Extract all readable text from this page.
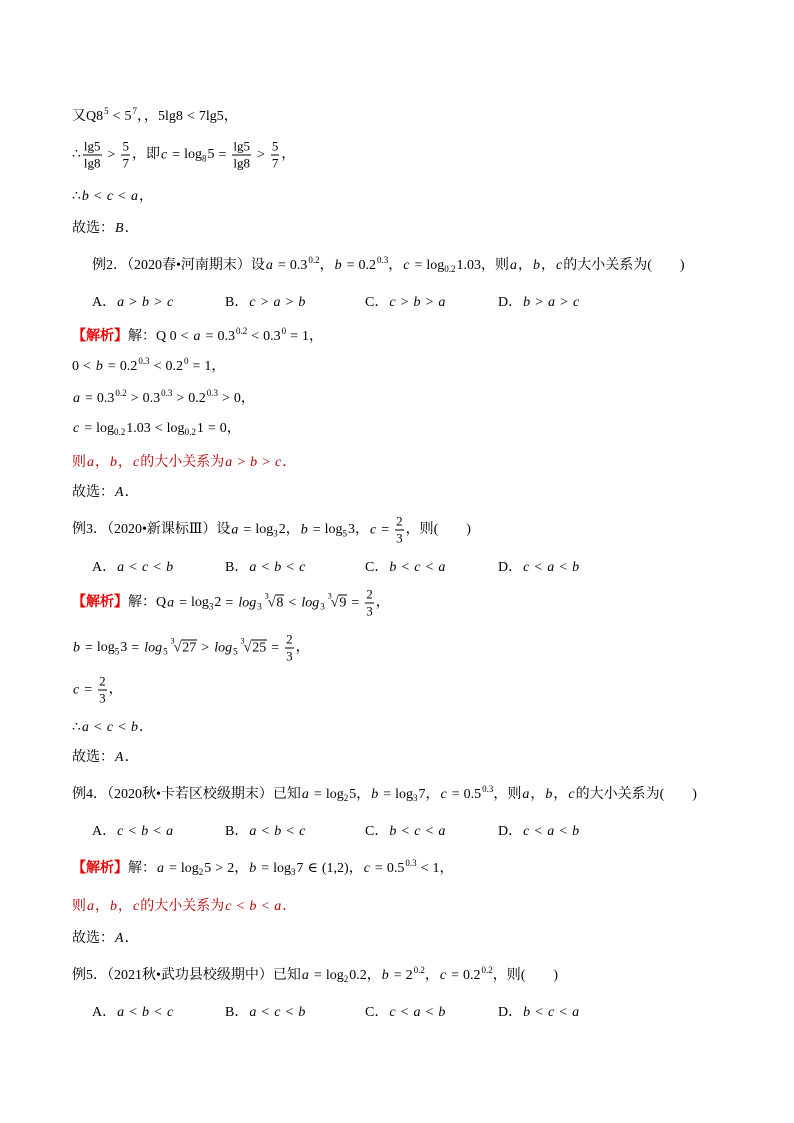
又$Q8^5 < 5^7$，，5lg8 < 7lg5，
∴ $\frac{\lg 5}{\lg 8} > \frac{5}{7}$ ，即$c = \log_85 = \frac{\lg 5}{\lg 8} > \frac{5}{7}$ ，
∴b < c < a，
故选：B．
例2．（2020春•河南期末）设$a = 0.3^{0.2}$，$b = 0.2^{0.3}$，$c = \log_{0.2}1.03$，则a，b，c的大小关系为(　　)
A．a > b > c	B．c > a > b	C．c > b > a	D．b > a > c
【解析】解：Q $0 < a = 0.3^{0.2} < 0.3^0 = 1$，
$0 < b = 0.2^{0.3} < 0.2^0 = 1$，
$a = 0.3^{0.2} > 0.3^{0.3} > 0.2^{0.3} > 0$，
$c = \log_{0.2}1.03 < \log_{0.2}1 = 0$，
则a，b，c的大小关系为a > b > c．
故选：A．
例3．（2020•新课标Ⅲ）设$a = \log_32$，$b = \log_53$，$c = \frac{2}{3}$ ，则(　　)
A．a < c < b	B．a < b < c	C．b < c < a	D．c < a < b
【解析】解：$Qa = \log_32 = \log_3$
3 $√8 < \log_3$
3 $√9 = \frac{2}{3}$ ，
$b = \log_53 = \log_5$
3 $√27 > \log_5$
3 $√25 = \frac{2}{3}$ ，
$c = \frac{2}{3}$ ，
∴a < c < b．
故选：A．
例4．（2020秋•卡若区校级期末）已知$a = \log_25$，$b = \log_37$，$c = 0.5^{0.3}$，则a，b，c的大小关系为(　　)
A．c < b < a	B．a < b < c	C．b < c < a	D．c < a < b
【解析】解：$a = \log_25 > 2$，$b = \log_37$ ∈ (1,2)，$c = 0.5^{0.3} < 1$，
则a，b，c的大小关系为c < b < a．
故选：A．
例5．（2021秋•武功县校级期中）已知$a = \log_20.2$，$b = 2^{0.2}$，$c = 0.2^{0.2}$，则(　　)
A．a < b < c	B．a < c < b	C．c < a < b	D．b < c < a
